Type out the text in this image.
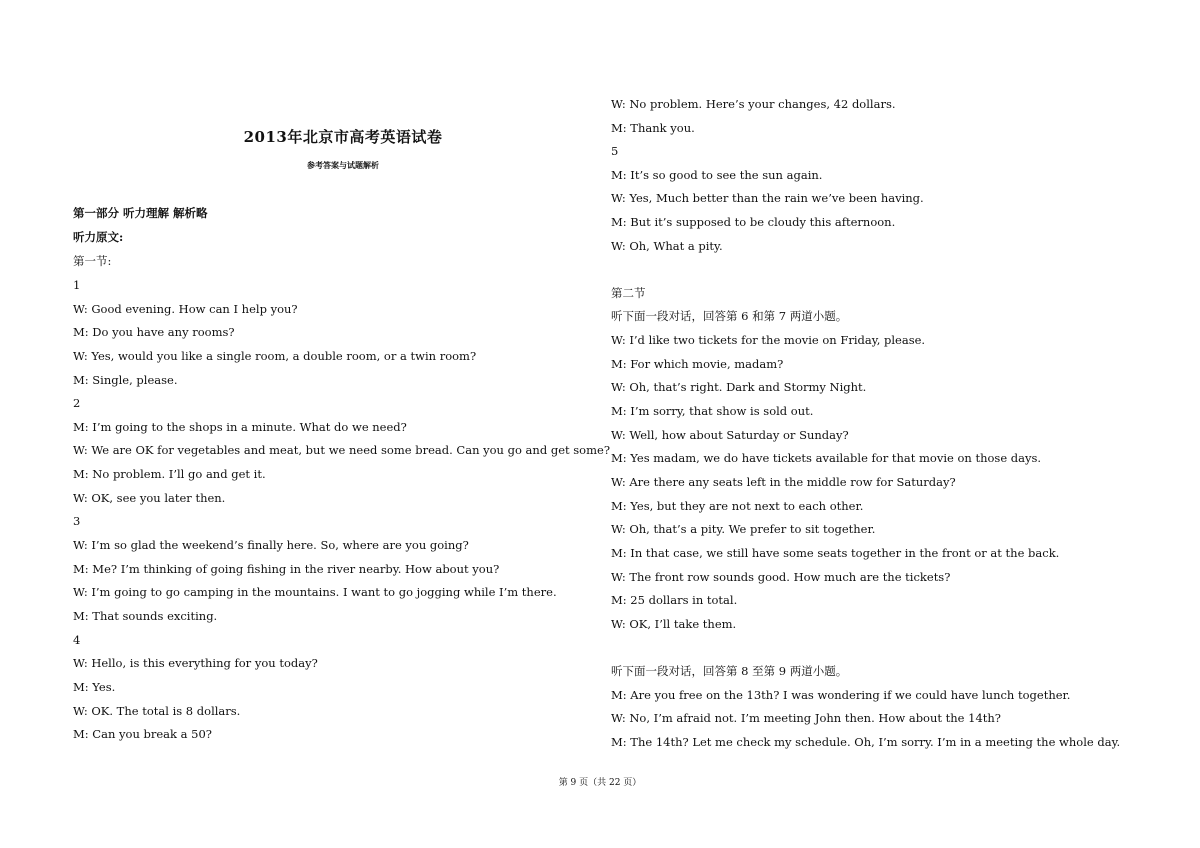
2013年北京市高考英语试卷
参考答案与试题解析
第一部分 听力理解 解析略
听力原文:
第一节:
1
W: Good evening. How can I help you?
M: Do you have any rooms?
W: Yes, would you like a single room, a double room, or a twin room?
M: Single, please.
2
M: I’m going to the shops in a minute. What do we need?
W: We are OK for vegetables and meat, but we need some bread. Can you go and get some?
M: No problem. I’ll go and get it.
W: OK, see you later then.
3
W: I’m so glad the weekend’s finally here. So, where are you going?
M: Me? I’m thinking of going fishing in the river nearby. How about you?
W: I’m going to go camping in the mountains. I want to go jogging while I’m there.
M: That sounds exciting.
4
W: Hello, is this everything for you today?
M: Yes.
W: OK. The total is 8 dollars.
M: Can you break a 50?
W: No problem. Here’s your changes, 42 dollars.
M: Thank you.
5
M: It’s so good to see the sun again.
W: Yes, Much better than the rain we’ve been having.
M: But it’s supposed to be cloudy this afternoon.
W: Oh, What a pity.
第二节
听下面一段对话，回答第 6 和第 7 两道小题。
W: I’d like two tickets for the movie on Friday, please.
M: For which movie, madam?
W: Oh, that’s right. Dark and Stormy Night.
M: I’m sorry, that show is sold out.
W: Well, how about Saturday or Sunday?
M: Yes madam, we do have tickets available for that movie on those days.
W: Are there any seats left in the middle row for Saturday?
M: Yes, but they are not next to each other.
W: Oh, that’s a pity. We prefer to sit together.
M: In that case, we still have some seats together in the front or at the back.
W: The front row sounds good. How much are the tickets?
M: 25 dollars in total.
W: OK, I’ll take them.
听下面一段对话，回答第 8 至第 9 两道小题。
M: Are you free on the 13th? I was wondering if we could have lunch together.
W: No, I’m afraid not. I’m meeting John then. How about the 14th?
M: The 14th? Let me check my schedule. Oh, I’m sorry. I’m in a meeting the whole day.
第 9 页（共 22 页）
